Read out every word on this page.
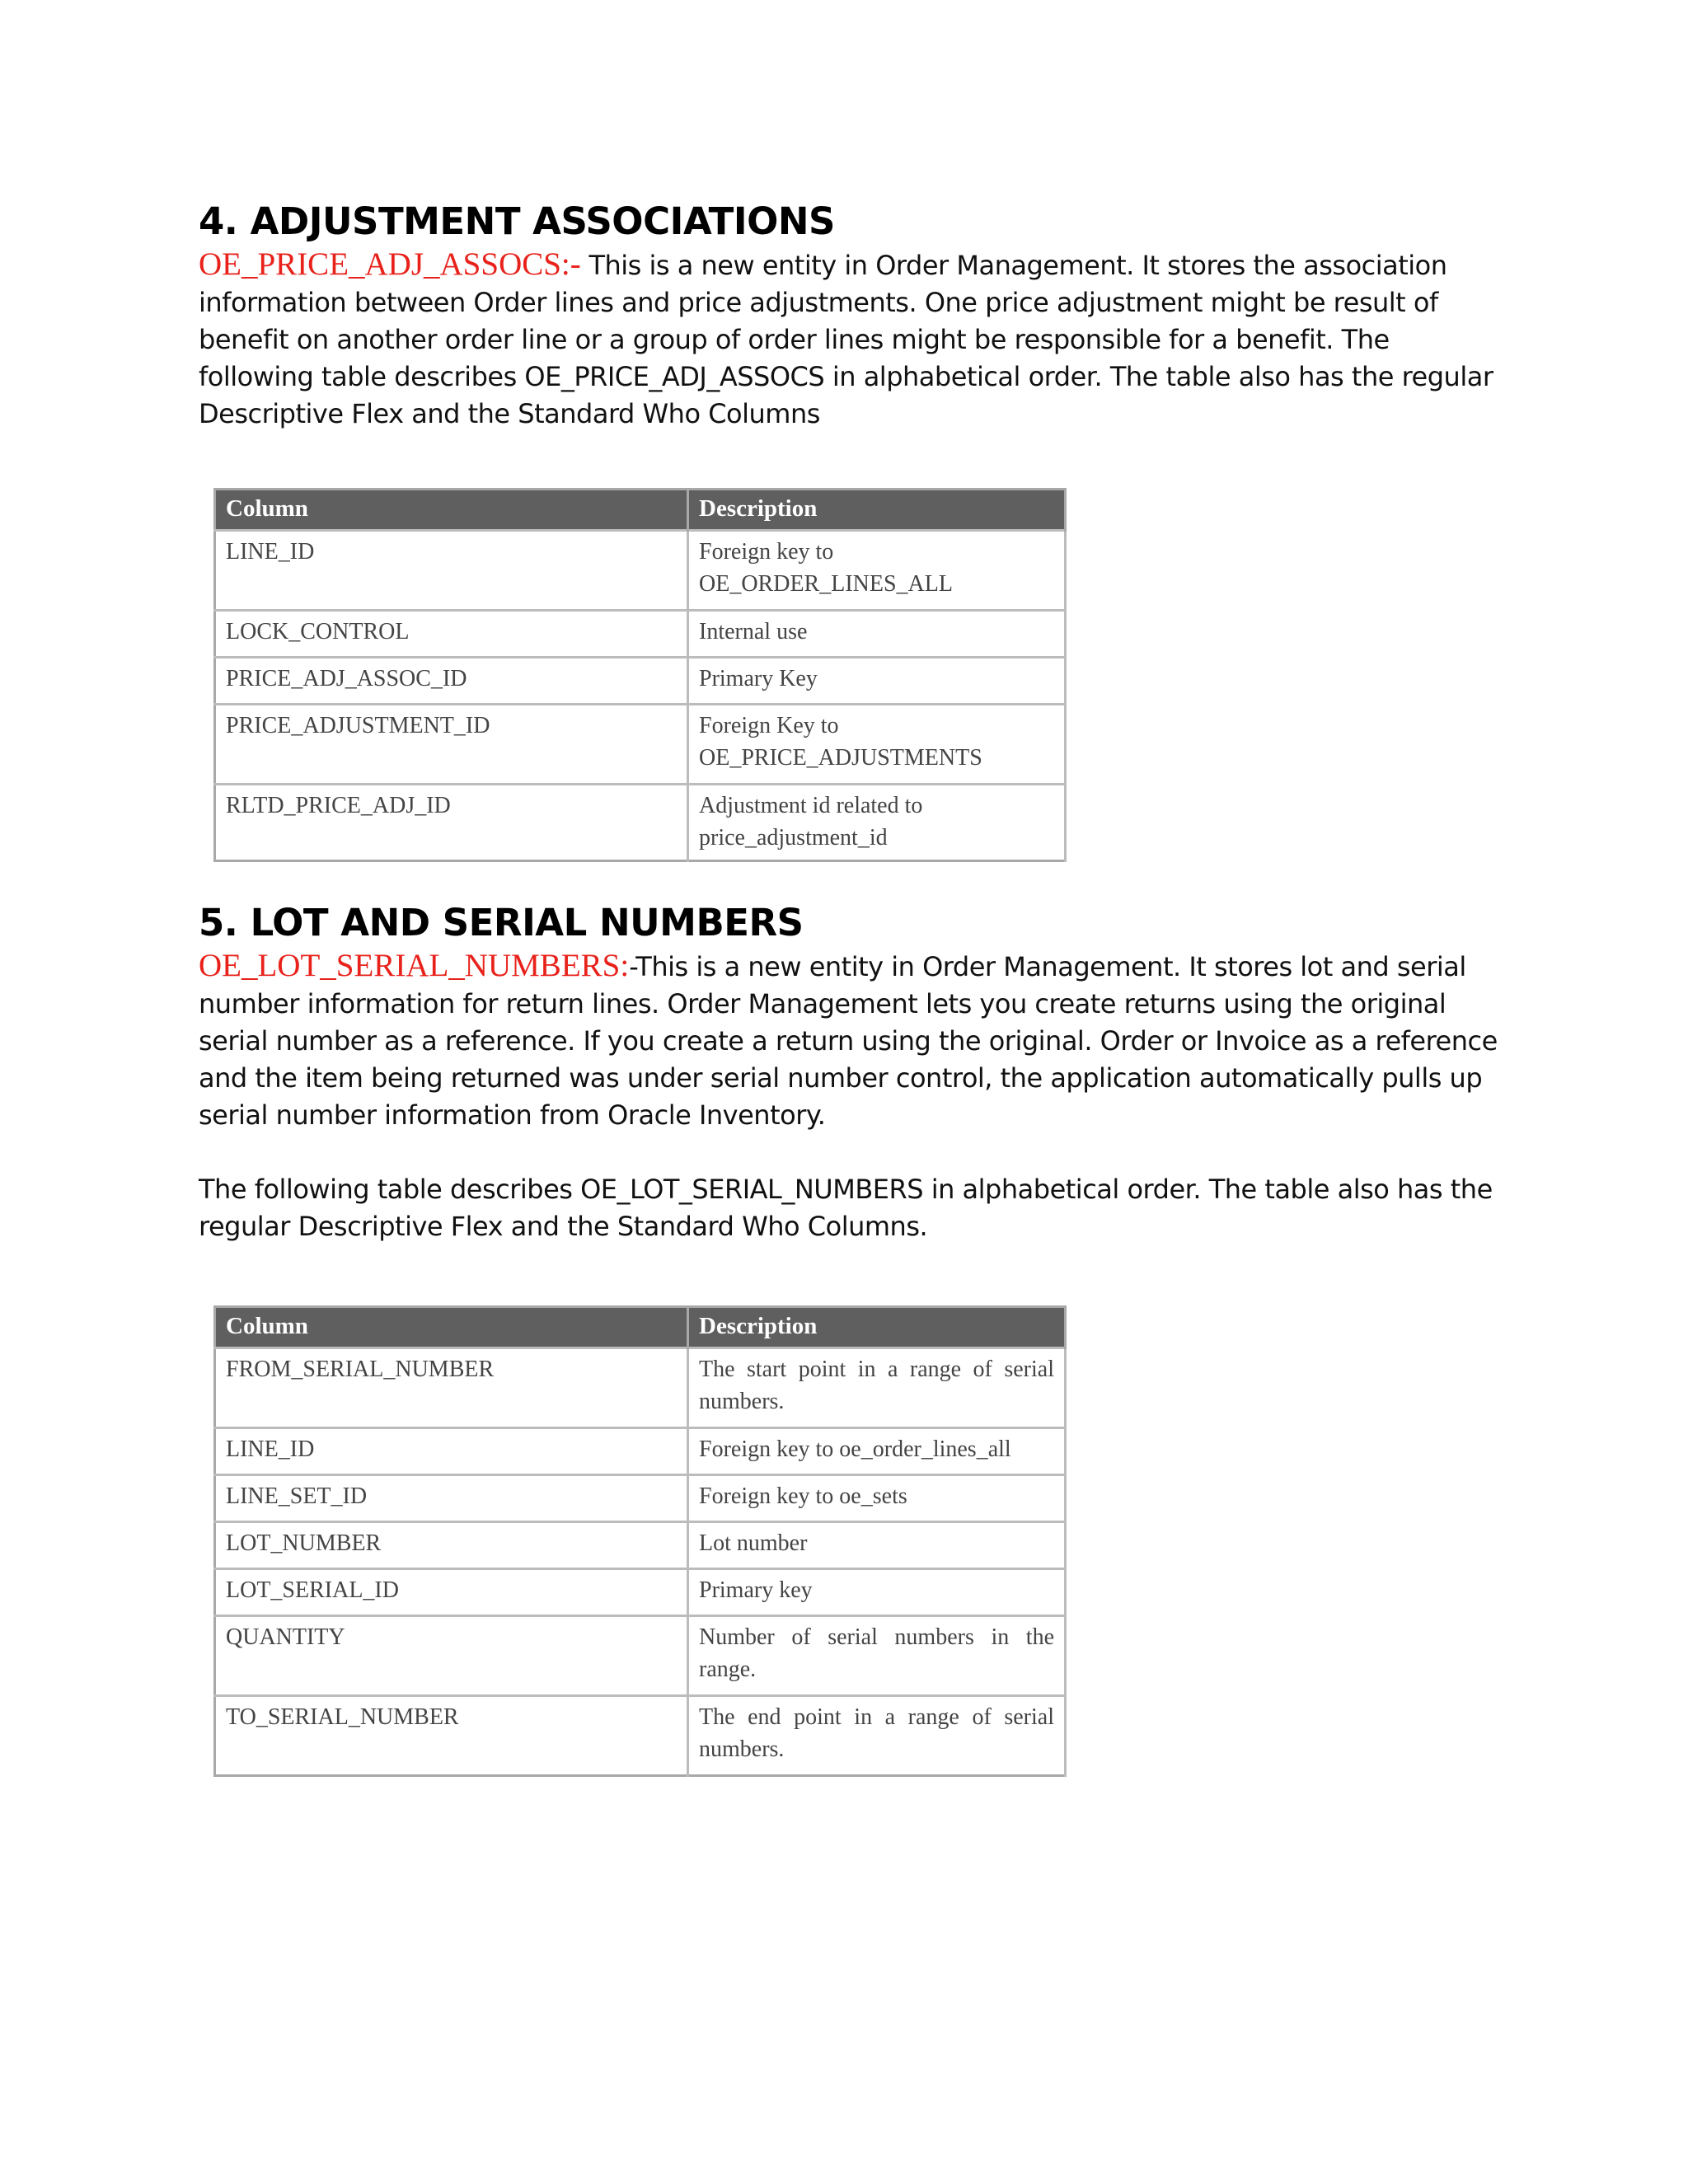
4. ADJUSTMENT ASSOCIATIONS

OE_PRICE_ADJ_ASSOCS:- This is a new entity in Order Management. It stores the association information between Order lines and price adjustments. One price adjustment might be result of benefit on another order line or a group of order lines might be responsible for a benefit. The following table describes OE_PRICE_ADJ_ASSOCS in alphabetical order. The table also has the regular Descriptive Flex and the Standard Who Columns

Column	Description
LINE_ID	Foreign key to OE_ORDER_LINES_ALL
LOCK_CONTROL	Internal use
PRICE_ADJ_ASSOC_ID	Primary Key
PRICE_ADJUSTMENT_ID	Foreign Key to OE_PRICE_ADJUSTMENTS
RLTD_PRICE_ADJ_ID	Adjustment id related to price_adjustment_id
5. LOT AND SERIAL NUMBERS

OE_LOT_SERIAL_NUMBERS:-This is a new entity in Order Management. It stores lot and serial number information for return lines. Order Management lets you create returns using the original serial number as a reference. If you create a return using the original. Order or Invoice as a reference and the item being returned was under serial number control, the application automatically pulls up serial number information from Oracle Inventory.

The following table describes OE_LOT_SERIAL_NUMBERS in alphabetical order. The table also has the regular Descriptive Flex and the Standard Who Columns.

Column	Description
FROM_SERIAL_NUMBER	The start point in a range of serial numbers.
LINE_ID	Foreign key to oe_order_lines_all
LINE_SET_ID	Foreign key to oe_sets
LOT_NUMBER	Lot number
LOT_SERIAL_ID	Primary key
QUANTITY	Number of serial numbers in the range.
TO_SERIAL_NUMBER	The end point in a range of serial numbers.
